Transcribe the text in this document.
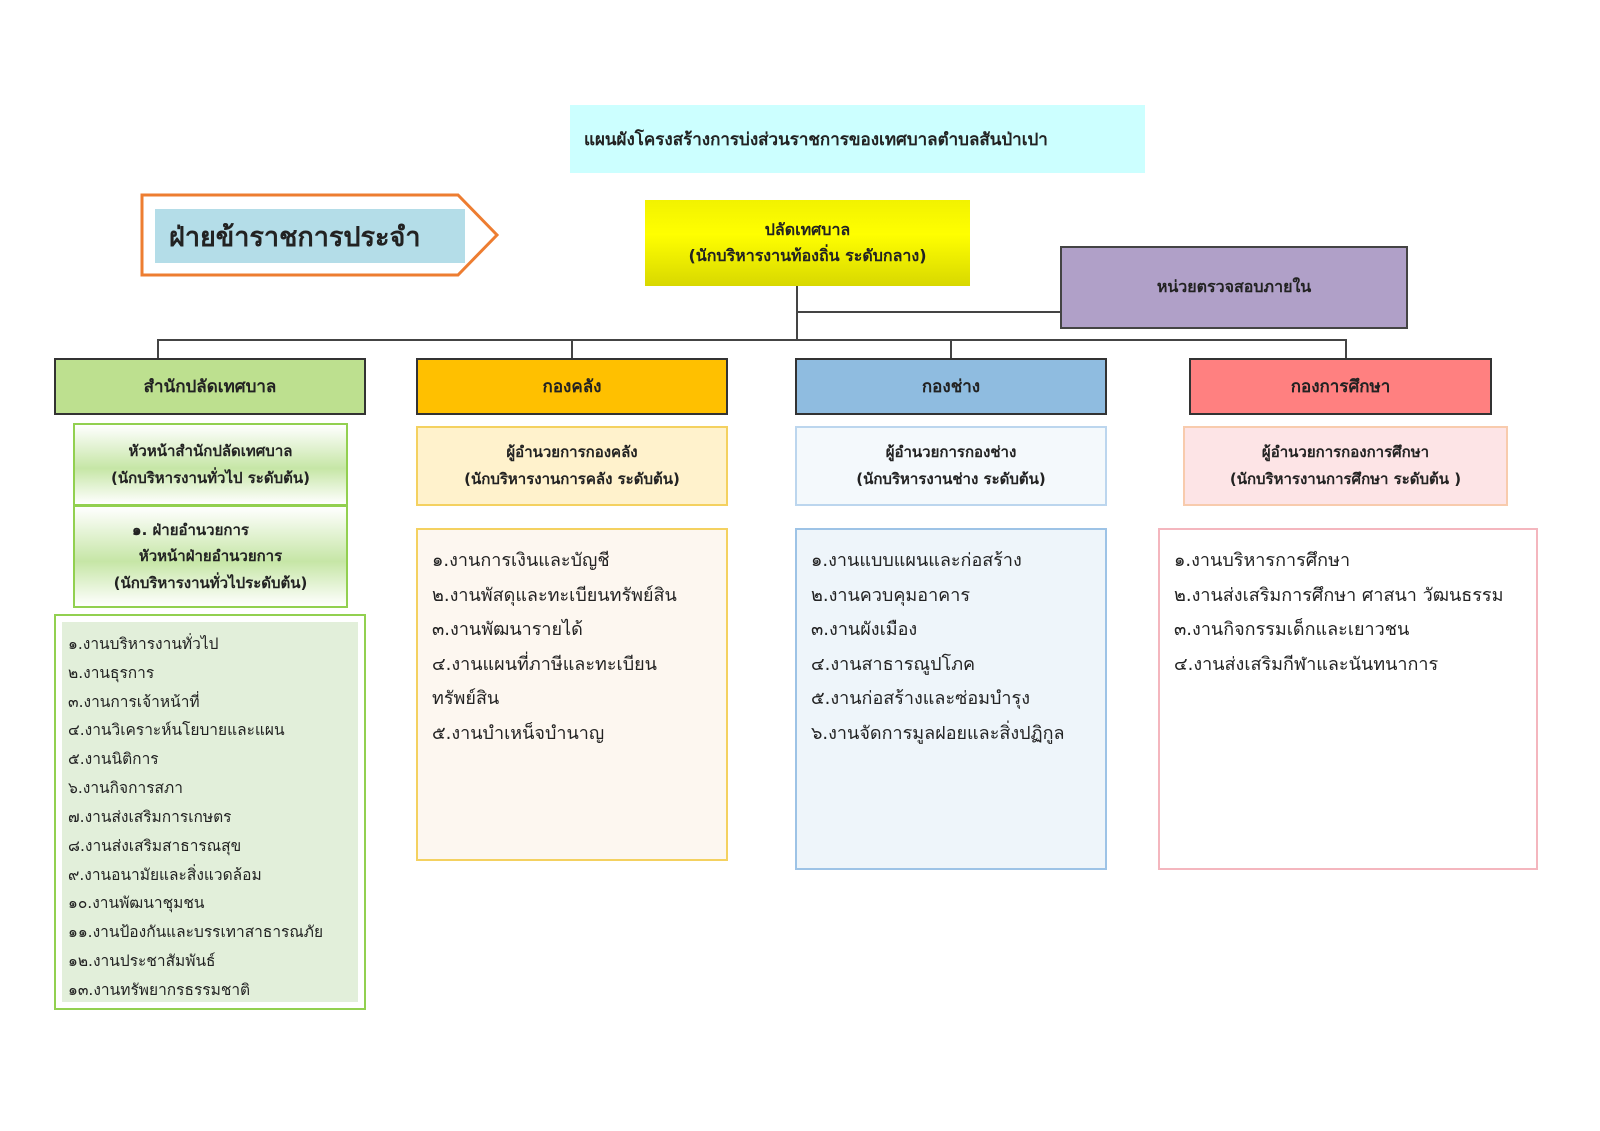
แผนผังโครงสร้างการบ่งส่วนราชการของเทศบาลตำบลสันป่าเปา
ฝ่ายข้าราชการประจำ	ปลัดเทศบาล
(นักบริหารงานท้องถิ่น ระดับกลาง)
หน่วยตรวจสอบภายใน
สำนักปลัดเทศบาล
หัวหน้าสำนักปลัดเทศบาล
(นักบริหารงานทั่วไป ระดับต้น)
๑. ฝ่ายอำนวยการ
หัวหน้าฝ่ายอำนวยการ
(นักบริหารงานทั่วไประดับต้น)
๑.งานบริหารงานทั่วไป
๒.งานธุรการ
๓.งานการเจ้าหน้าที่
๔.งานวิเคราะห์นโยบายและแผน
๕.งานนิติการ
๖.งานกิจการสภา
๗.งานส่งเสริมการเกษตร
๘.งานส่งเสริมสาธารณสุข
๙.งานอนามัยและสิ่งแวดล้อม
๑๐.งานพัฒนาชุมชน
๑๑.งานป้องกันและบรรเทาสาธารณภัย
๑๒.งานประชาสัมพันธ์
๑๓.งานทรัพยากรธรรมชาติ
กองคลัง
ผู้อำนวยการกองคลัง
(นักบริหารงานการคลัง ระดับต้น)
๑.งานการเงินและบัญชี
๒.งานพัสดุและทะเบียนทรัพย์สิน
๓.งานพัฒนารายได้
๔.งานแผนที่ภาษีและทะเบียน
ทรัพย์สิน
๕.งานบำเหน็จบำนาญ
กองช่าง
ผู้อำนวยการกองช่าง
(นักบริหารงานช่าง ระดับต้น)
๑.งานแบบแผนและก่อสร้าง
๒.งานควบคุมอาคาร
๓.งานผังเมือง
๔.งานสาธารณูปโภค
๕.งานก่อสร้างและซ่อมบำรุง
๖.งานจัดการมูลฝอยและสิ่งปฏิกูล
กองการศึกษา
ผู้อำนวยการกองการศึกษา
(นักบริหารงานการศึกษา ระดับต้น )
๑.งานบริหารการศึกษา
๒.งานส่งเสริมการศึกษา ศาสนา วัฒนธรรม
๓.งานกิจกรรมเด็กและเยาวชน
๔.งานส่งเสริมกีฬาและนันทนาการ
